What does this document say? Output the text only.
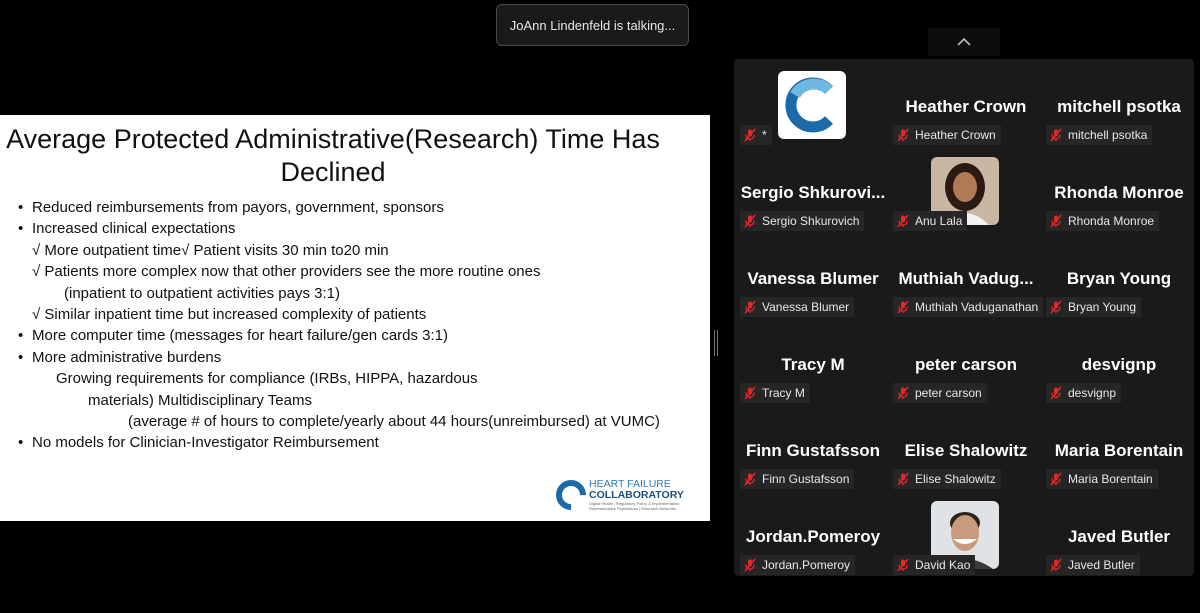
JoAnn Lindenfeld is talking...
Average Protected Administrative(Research) Time Has
Declined
• Reduced reimbursements from payors, government, sponsors
• Increased clinical expectations
√ More outpatient time√ Patient visits 30 min to20 min
√ Patients more complex now that other providers see the more routine ones
(inpatient to outpatient activities pays 3:1)
√ Similar inpatient time but increased complexity of patients
• More computer time (messages for heart failure/gen cards 3:1)
• More administrative burdens
Growing requirements for compliance (IRBs, HIPPA, hazardous
materials) Multidisciplinary Teams
(average # of hours to complete/yearly about 44 hours(unreimbursed) at VUMC)
• No models for Clinician-Investigator Reimbursement
HEART FAILURE
COLLABORATORY
Digital Health | Regulatory Policy & Implementation
Representative Populations | Research Networks
*
Heather Crown
Heather Crown
mitchell psotka
mitchell psotka
Sergio Shkurovi...
Sergio Shkurovich	Anu Lala
Rhonda Monroe
Rhonda Monroe
Vanessa Blumer
Vanessa Blumer
Muthiah Vadug...
Muthiah Vaduganathan
Bryan Young
Bryan Young
Tracy M
Tracy M
peter carson
peter carson
desvignp
desvignp
Finn Gustafsson
Finn Gustafsson
Elise Shalowitz
Elise Shalowitz
Maria Borentain
Maria Borentain
Jordan.Pomeroy
Jordan.Pomeroy	David Kao
Javed Butler
Javed Butler
